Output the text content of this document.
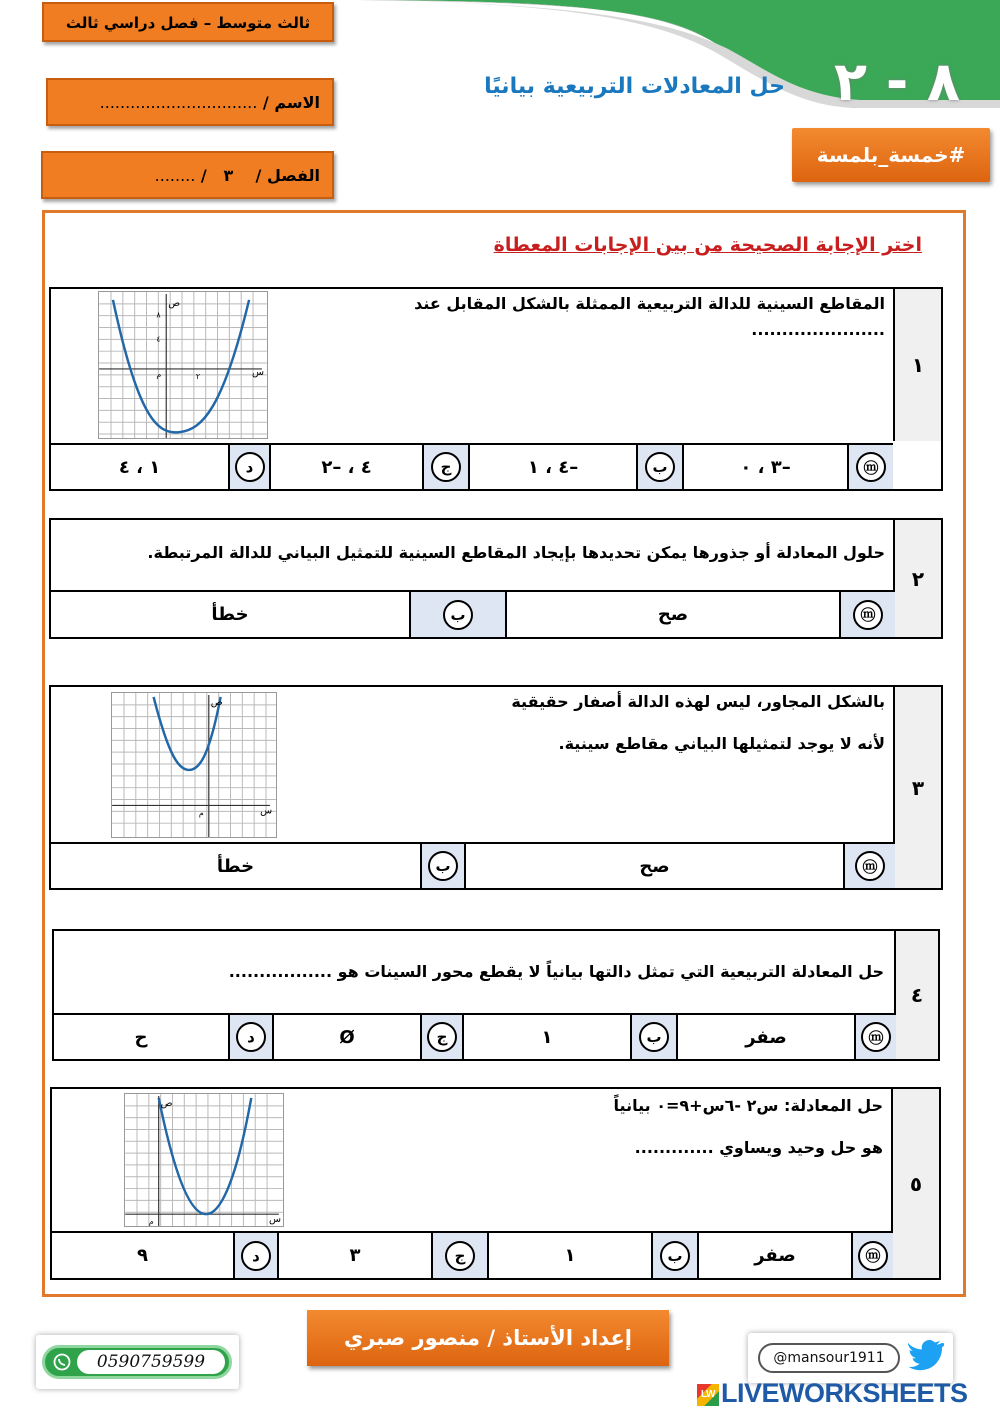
٨ - ٢
حل المعادلات التربيعية بيانيًا
#خمسة_بلمسة
ثالث متوسط – فصل دراسي ثالث
الاسم / ...............................
الفصل /    ٣   / ........
اختر الإجابة الصحيحة من بين الإجابات المعطاة
١
المقاطع السينية للدالة التربيعية الممثلة بالشكل المقابل عند ......................
ص
س
٨
٤
م	٢
ⓜ
–٣ ، ٠
ب
–٤ ، ١
ج
٤ ، –٢
د
١ ، ٤
٢
حلول المعادلة أو جذورها يمكن تحديدها بإيجاد المقاطع السينية للتمثيل البياني للدالة المرتبطة.
ⓜ
صح
ب
خطأ
٣
بالشكل المجاور، ليس لهذه الدالة أصفار حقيقية
لأنه لا يوجد لتمثيلها البياني مقاطع سينية.
ص
س
م
ⓜ
صح
ب
خطأ
٤
حل المعادلة التربيعية التي تمثل دالتها بيانياً لا يقطع محور السينات هو .................
ⓜ
صفر
ب
١
ج
Ø
د
ح
٥
حل المعادلة: س٢ -٦س+٩=٠ بيانياً
هو حل وحيد ويساوي .............
ص
س
م
ⓜ
صفر
ب
١
ج
٣
د
٩
إعداد الأستاذ / منصور صبري
0590759599	@mansour1911
LW LIVEWORKSHEETS
